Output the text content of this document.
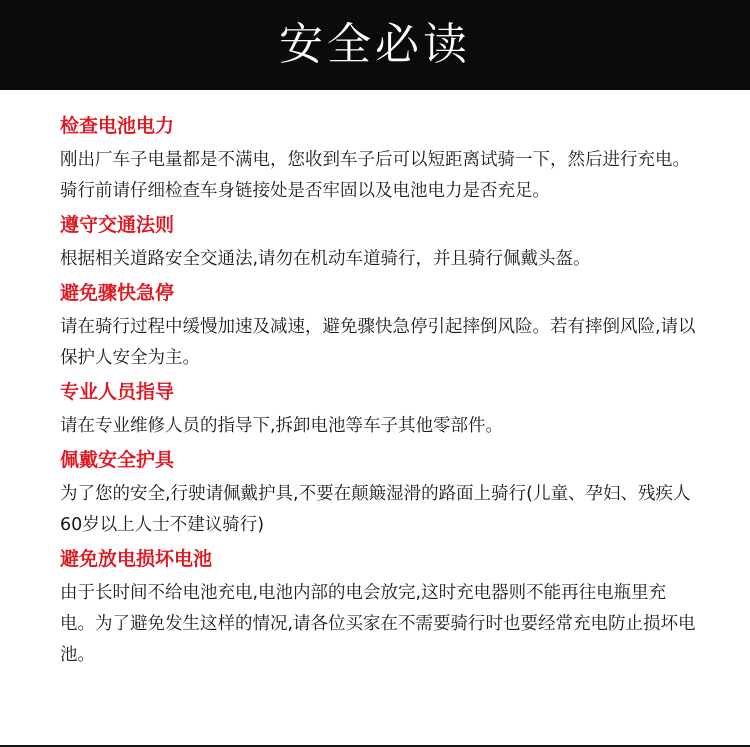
安全必读
检查电池电力
刚出厂车子电量都是不满电，您收到车子后可以短距离试骑一下，然后进行充电。骑行前请仔细检查车身链接处是否牢固以及电池电力是否充足。
遵守交通法则
根据相关道路安全交通法,请勿在机动车道骑行，并且骑行佩戴头盔。
避免骤快急停
请在骑行过程中缓慢加速及减速，避免骤快急停引起摔倒风险。若有摔倒风险,请以保护人安全为主。
专业人员指导
请在专业维修人员的指导下,拆卸电池等车子其他零部件。
佩戴安全护具
为了您的安全,行驶请佩戴护具,不要在颠簸湿滑的路面上骑行(儿童、孕妇、残疾人60岁以上人士不建议骑行)
避免放电损坏电池
由于长时间不给电池充电,电池内部的电会放完,这时充电器则不能再往电瓶里充电。为了避免发生这样的情况,请各位买家在不需要骑行时也要经常充电防止损坏电池。
